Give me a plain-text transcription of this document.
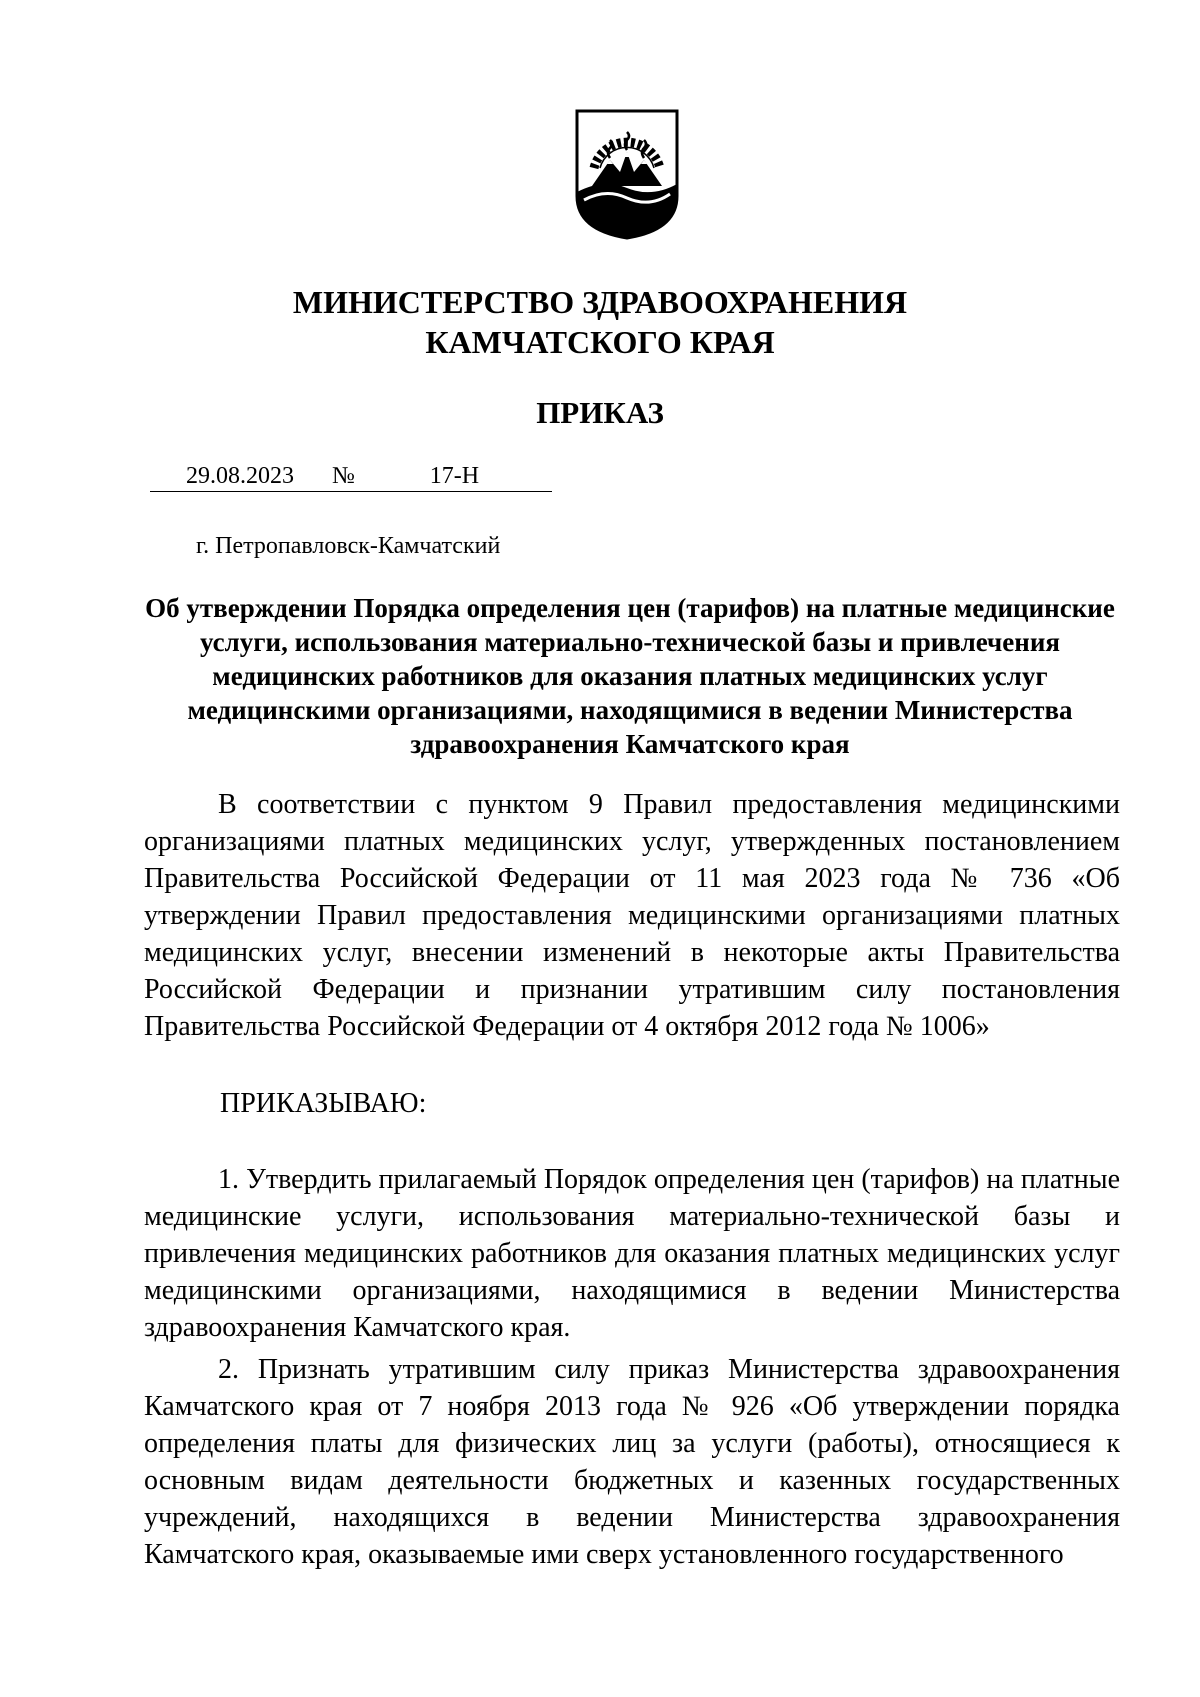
МИНИСТЕРСТВО ЗДРАВООХРАНЕНИЯ
КАМЧАТСКОГО КРАЯ
ПРИКАЗ
29.08.2023 №	17-Н
г. Петропавловск-Камчатский
Об утверждении Порядка определения цен (тарифов) на платные медицинские услуги, использования материально-технической базы и привлечения медицинских работников для оказания платных медицинских услуг медицинскими организациями, находящимися в ведении Министерства здравоохранения Камчатского края
В соответствии с пунктом 9 Правил предоставления медицинскими организациями платных медицинских услуг, утвержденных постановлением Правительства Российской Федерации от 11 мая 2023 года № 736 «Об утверждении Правил предоставления медицинскими организациями платных медицинских услуг, внесении изменений в некоторые акты Правительства Российской Федерации и признании утратившим силу постановления Правительства Российской Федерации от 4 октября 2012 года № 1006»
ПРИКАЗЫВАЮ:
1. Утвердить прилагаемый Порядок определения цен (тарифов) на платные медицинские услуги, использования материально-технической базы и привлечения медицинских работников для оказания платных медицинских услуг медицинскими организациями, находящимися в ведении Министерства здравоохранения Камчатского края.
2. Признать утратившим силу приказ Министерства здравоохранения Камчатского края от 7 ноября 2013 года № 926 «Об утверждении порядка определения платы для физических лиц за услуги (работы), относящиеся к основным видам деятельности бюджетных и казенных государственных учреждений, находящихся в ведении Министерства здравоохранения Камчатского края, оказываемые ими сверх установленного государственного
